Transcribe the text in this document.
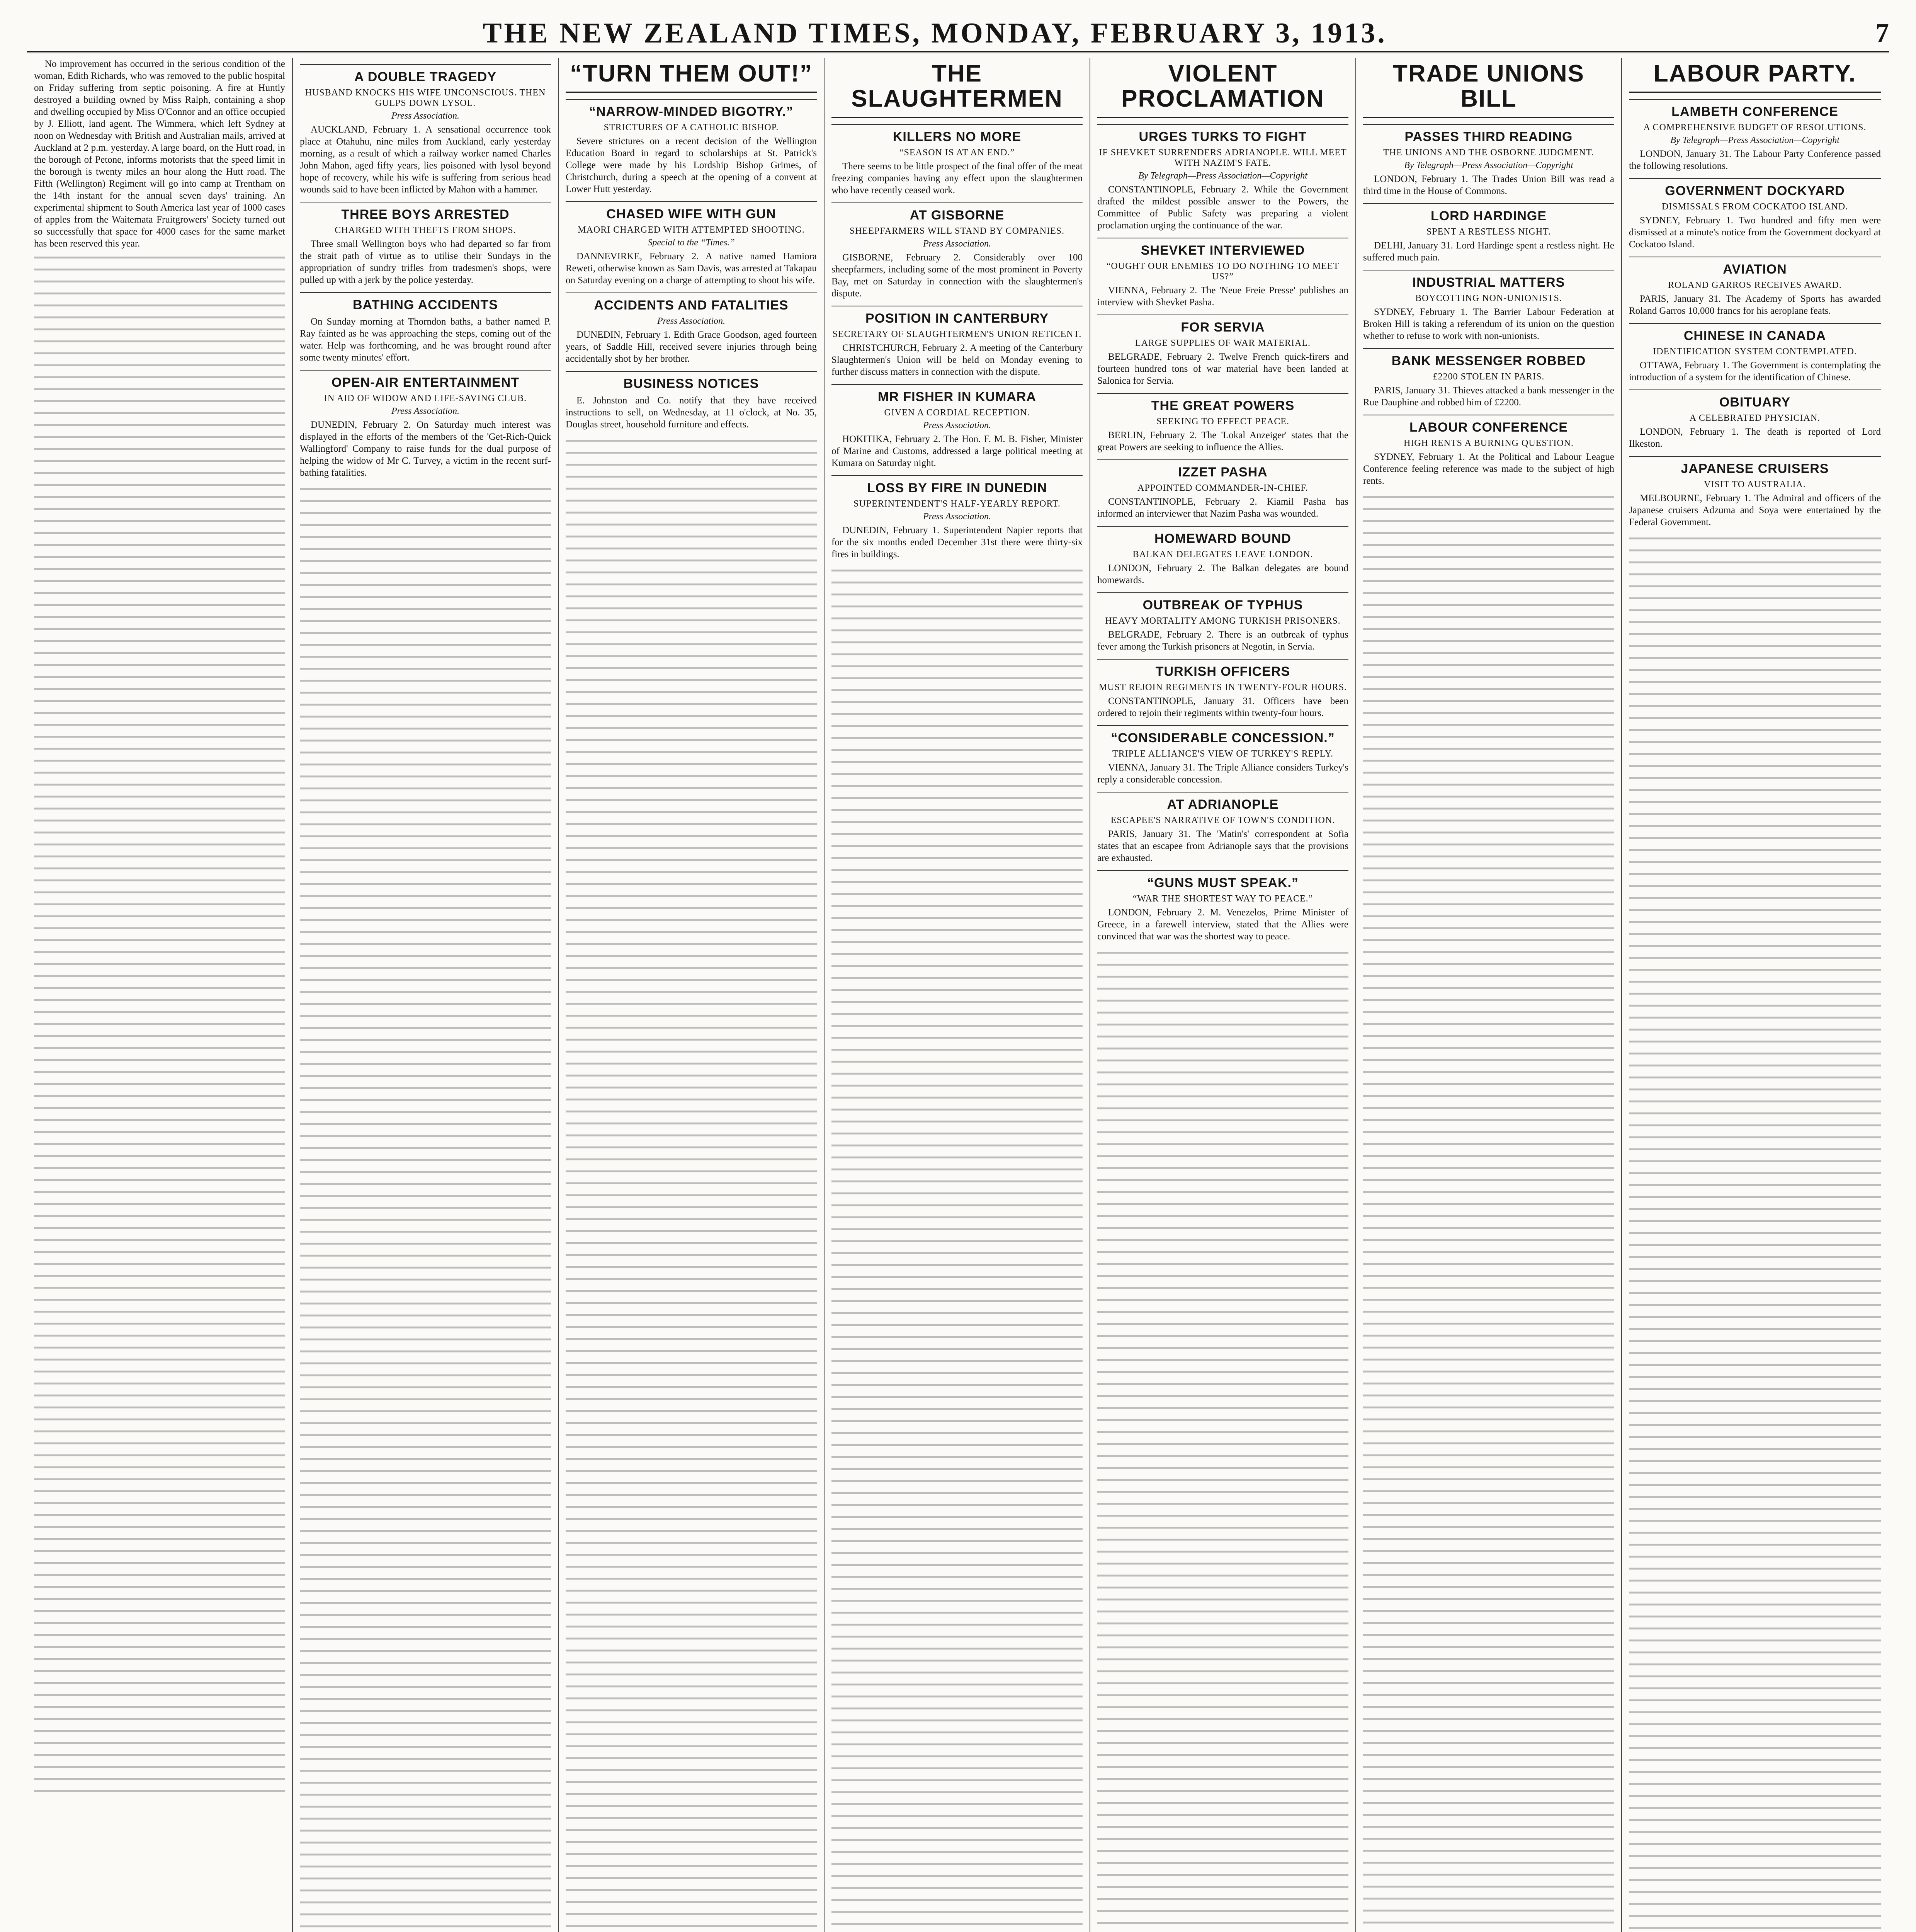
THE NEW ZEALAND TIMES, MONDAY, FEBRUARY 3, 1913.	7

No improvement has occurred in the serious condition of the woman, Edith Richards, who was removed to the public hospital on Friday suffering from septic poisoning. A fire at Huntly destroyed a building owned by Miss Ralph, containing a shop and dwelling occupied by Miss O'Connor and an office occupied by J. Elliott, land agent. The Wimmera, which left Sydney at noon on Wednesday with British and Australian mails, arrived at Auckland at 2 p.m. yesterday. A large board, on the Hutt road, in the borough of Petone, informs motorists that the speed limit in the borough is twenty miles an hour along the Hutt road. The Fifth (Wellington) Regiment will go into camp at Trentham on the 14th instant for the annual seven days' training. An experimental shipment to South America last year of 1000 cases of apples from the Waitemata Fruitgrowers' Society turned out so successfully that space for 4000 cases for the same market has been reserved this year.

A DOUBLE TRAGEDY
HUSBAND KNOCKS HIS WIFE UNCONSCIOUS. THEN GULPS DOWN LYSOL.
Press Association.

AUCKLAND, February 1. A sensational occurrence took place at Otahuhu, nine miles from Auckland, early yesterday morning, as a result of which a railway worker named Charles John Mahon, aged fifty years, lies poisoned with lysol beyond hope of recovery, while his wife is suffering from serious head wounds said to have been inflicted by Mahon with a hammer.

THREE BOYS ARRESTED
CHARGED WITH THEFTS FROM SHOPS.

Three small Wellington boys who had departed so far from the strait path of virtue as to utilise their Sundays in the appropriation of sundry trifles from tradesmen's shops, were pulled up with a jerk by the police yesterday.

BATHING ACCIDENTS

On Sunday morning at Thorndon baths, a bather named P. Ray fainted as he was approaching the steps, coming out of the water. Help was forthcoming, and he was brought round after some twenty minutes' effort.

OPEN-AIR ENTERTAINMENT
IN AID OF WIDOW AND LIFE-SAVING CLUB.
Press Association.

DUNEDIN, February 2. On Saturday much interest was displayed in the efforts of the members of the 'Get-Rich-Quick Wallingford' Company to raise funds for the dual purpose of helping the widow of Mr C. Turvey, a victim in the recent surf-bathing fatalities.

“TURN THEM OUT!”
“NARROW-MINDED BIGOTRY.”
STRICTURES OF A CATHOLIC BISHOP.

Severe strictures on a recent decision of the Wellington Education Board in regard to scholarships at St. Patrick's College were made by his Lordship Bishop Grimes, of Christchurch, during a speech at the opening of a convent at Lower Hutt yesterday.

CHASED WIFE WITH GUN
MAORI CHARGED WITH ATTEMPTED SHOOTING.
Special to the “Times.”

DANNEVIRKE, February 2. A native named Hamiora Reweti, otherwise known as Sam Davis, was arrested at Takapau on Saturday evening on a charge of attempting to shoot his wife.

ACCIDENTS AND FATALITIES
Press Association.

DUNEDIN, February 1. Edith Grace Goodson, aged fourteen years, of Saddle Hill, received severe injuries through being accidentally shot by her brother.

BUSINESS NOTICES

E. Johnston and Co. notify that they have received instructions to sell, on Wednesday, at 11 o'clock, at No. 35, Douglas street, household furniture and effects.

THE SLAUGHTERMEN
KILLERS NO MORE
“SEASON IS AT AN END.”

There seems to be little prospect of the final offer of the meat freezing companies having any effect upon the slaughtermen who have recently ceased work.

AT GISBORNE
SHEEPFARMERS WILL STAND BY COMPANIES.
Press Association.

GISBORNE, February 2. Considerably over 100 sheepfarmers, including some of the most prominent in Poverty Bay, met on Saturday in connection with the slaughtermen's dispute.

POSITION IN CANTERBURY
SECRETARY OF SLAUGHTERMEN'S UNION RETICENT.

CHRISTCHURCH, February 2. A meeting of the Canterbury Slaughtermen's Union will be held on Monday evening to further discuss matters in connection with the dispute.

MR FISHER IN KUMARA
GIVEN A CORDIAL RECEPTION.
Press Association.

HOKITIKA, February 2. The Hon. F. M. B. Fisher, Minister of Marine and Customs, addressed a large political meeting at Kumara on Saturday night.

LOSS BY FIRE IN DUNEDIN
SUPERINTENDENT'S HALF-YEARLY REPORT.
Press Association.

DUNEDIN, February 1. Superintendent Napier reports that for the six months ended December 31st there were thirty-six fires in buildings.

VIOLENT PROCLAMATION
URGES TURKS TO FIGHT
IF SHEVKET SURRENDERS ADRIANOPLE. WILL MEET WITH NAZIM'S FATE.
By Telegraph—Press Association—Copyright

CONSTANTINOPLE, February 2. While the Government drafted the mildest possible answer to the Powers, the Committee of Public Safety was preparing a violent proclamation urging the continuance of the war.

SHEVKET INTERVIEWED
“OUGHT OUR ENEMIES TO DO NOTHING TO MEET US?”

VIENNA, February 2. The 'Neue Freie Presse' publishes an interview with Shevket Pasha.

FOR SERVIA
LARGE SUPPLIES OF WAR MATERIAL.

BELGRADE, February 2. Twelve French quick-firers and fourteen hundred tons of war material have been landed at Salonica for Servia.

THE GREAT POWERS
SEEKING TO EFFECT PEACE.

BERLIN, February 2. The 'Lokal Anzeiger' states that the great Powers are seeking to influence the Allies.

IZZET PASHA
APPOINTED COMMANDER-IN-CHIEF.

CONSTANTINOPLE, February 2. Kiamil Pasha has informed an interviewer that Nazim Pasha was wounded.

HOMEWARD BOUND
BALKAN DELEGATES LEAVE LONDON.

LONDON, February 2. The Balkan delegates are bound homewards.

OUTBREAK OF TYPHUS
HEAVY MORTALITY AMONG TURKISH PRISONERS.

BELGRADE, February 2. There is an outbreak of typhus fever among the Turkish prisoners at Negotin, in Servia.

TURKISH OFFICERS
MUST REJOIN REGIMENTS IN TWENTY-FOUR HOURS.

CONSTANTINOPLE, January 31. Officers have been ordered to rejoin their regiments within twenty-four hours.

“CONSIDERABLE CONCESSION.”
TRIPLE ALLIANCE'S VIEW OF TURKEY'S REPLY.

VIENNA, January 31. The Triple Alliance considers Turkey's reply a considerable concession.

AT ADRIANOPLE
ESCAPEE'S NARRATIVE OF TOWN'S CONDITION.

PARIS, January 31. The 'Matin's' correspondent at Sofia states that an escapee from Adrianople says that the provisions are exhausted.

“GUNS MUST SPEAK.”
“WAR THE SHORTEST WAY TO PEACE.”

LONDON, February 2. M. Venezelos, Prime Minister of Greece, in a farewell interview, stated that the Allies were convinced that war was the shortest way to peace.

TRADE UNIONS BILL
PASSES THIRD READING
THE UNIONS AND THE OSBORNE JUDGMENT.
By Telegraph—Press Association—Copyright

LONDON, February 1. The Trades Union Bill was read a third time in the House of Commons.

LORD HARDINGE
SPENT A RESTLESS NIGHT.

DELHI, January 31. Lord Hardinge spent a restless night. He suffered much pain.

INDUSTRIAL MATTERS
BOYCOTTING NON-UNIONISTS.

SYDNEY, February 1. The Barrier Labour Federation at Broken Hill is taking a referendum of its union on the question whether to refuse to work with non-unionists.

BANK MESSENGER ROBBED
£2200 STOLEN IN PARIS.

PARIS, January 31. Thieves attacked a bank messenger in the Rue Dauphine and robbed him of £2200.

LABOUR CONFERENCE
HIGH RENTS A BURNING QUESTION.

SYDNEY, February 1. At the Political and Labour League Conference feeling reference was made to the subject of high rents.

LABOUR PARTY.
LAMBETH CONFERENCE
A COMPREHENSIVE BUDGET OF RESOLUTIONS.
By Telegraph—Press Association—Copyright

LONDON, January 31. The Labour Party Conference passed the following resolutions.

GOVERNMENT DOCKYARD
DISMISSALS FROM COCKATOO ISLAND.

SYDNEY, February 1. Two hundred and fifty men were dismissed at a minute's notice from the Government dockyard at Cockatoo Island.

AVIATION
ROLAND GARROS RECEIVES AWARD.

PARIS, January 31. The Academy of Sports has awarded Roland Garros 10,000 francs for his aeroplane feats.

CHINESE IN CANADA
IDENTIFICATION SYSTEM CONTEMPLATED.

OTTAWA, February 1. The Government is contemplating the introduction of a system for the identification of Chinese.

OBITUARY
A CELEBRATED PHYSICIAN.

LONDON, February 1. The death is reported of Lord Ilkeston.

JAPANESE CRUISERS
VISIT TO AUSTRALIA.

MELBOURNE, February 1. The Admiral and officers of the Japanese cruisers Adzuma and Soya were entertained by the Federal Government.
